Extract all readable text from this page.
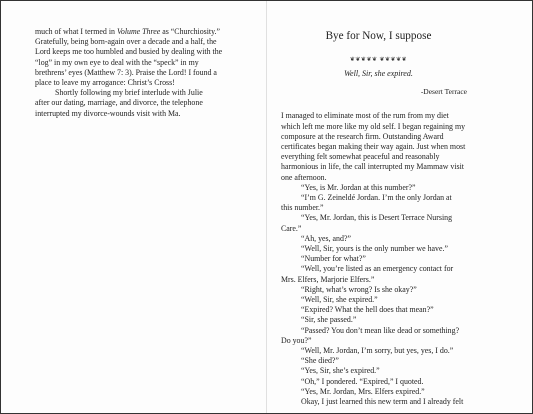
much of what I termed in Volume Three as “Churchiosity.”
Gratefully, being born-again over a decade and a half, the
Lord keeps me too humbled and busied by dealing with the
“log” in my own eye to deal with the “speck” in my
brethrens’ eyes (Matthew 7: 3). Praise the Lord! I found a
place to leave my arrogance: Christ’s Cross!
Shortly following my brief interlude with Julie
after our dating, marriage, and divorce, the telephone
interrupted my divorce-wounds visit with Ma.
Bye for Now, I suppose
❦❦❦❦❦ ❦❦❦❦❦
Well, Sir, she expired.
-Desert Terrace
I managed to eliminate most of the rum from my diet
which left me more like my old self. I began regaining my
composure at the research firm. Outstanding Award
certificates began making their way again. Just when most
everything felt somewhat peaceful and reasonably
harmonious in life, the call interrupted my Mammaw visit
one afternoon.
“Yes, is Mr. Jordan at this number?”
“I’m G. Zeineldé Jordan. I’m the only Jordan at
this number.”
“Yes, Mr. Jordan, this is Desert Terrace Nursing
Care.”
“Ah, yes, and?”
“Well, Sir, yours is the only number we have.”
“Number for what?”
“Well, you’re listed as an emergency contact for
Mrs. Elfers, Marjorie Elfers.”
“Right, what’s wrong? Is she okay?”
“Well, Sir, she expired.”
“Expired? What the hell does that mean?”
“Sir, she passed.”
“Passed? You don’t mean like dead or something?
Do you?”
“Well, Mr. Jordan, I’m sorry, but yes, yes, I do.”
“She died?”
“Yes, Sir, she’s expired.”
“Oh,” I pondered. “Expired,” I quoted.
“Yes, Mr. Jordan, Mrs. Elfers expired.”
Okay, I just learned this new term and I already felt
